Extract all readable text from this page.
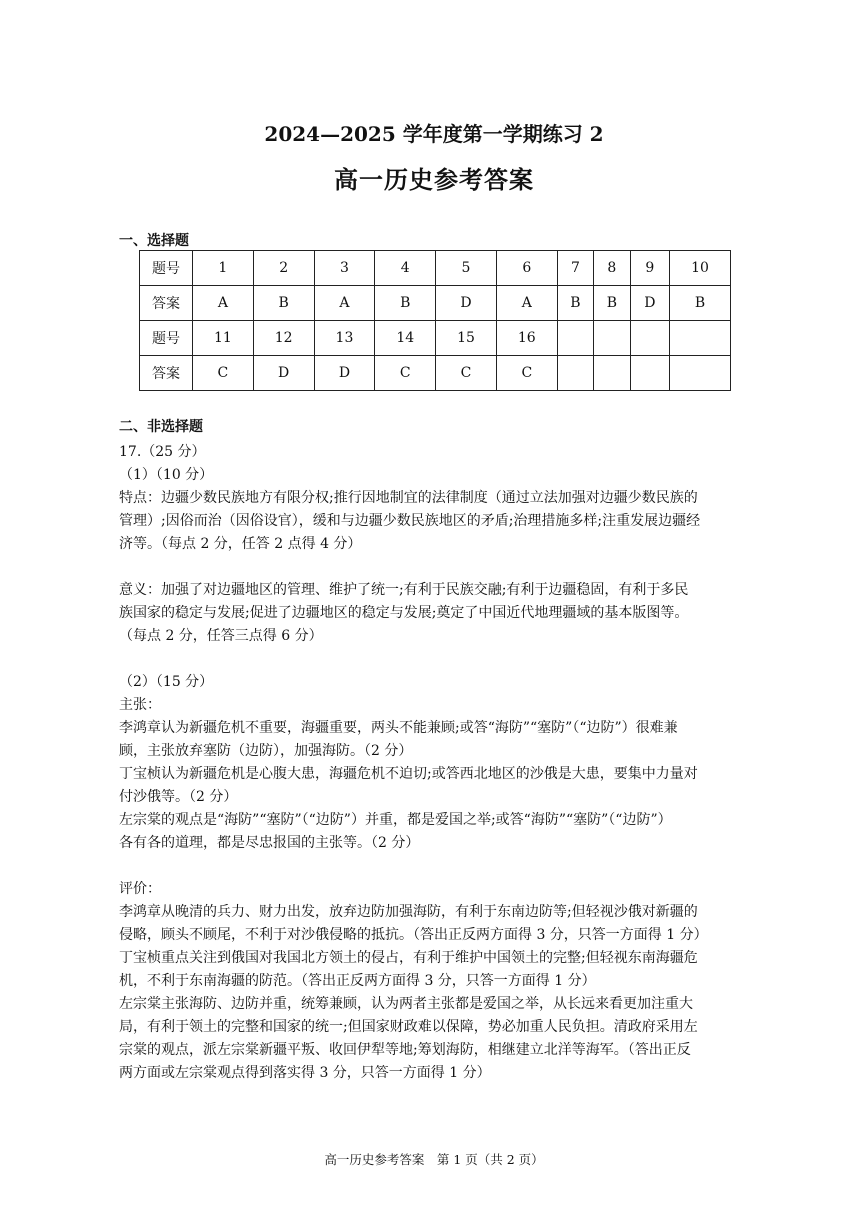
2024—2025 学年度第一学期练习 2
高一历史参考答案
一、选择题
题号	1	2	3	4	5	6	7	8	9	10
答案	A	B	A	B	D	A	B	B	D	B
题号	11	12	13	14	15	16				
答案	C	D	D	C	C	C				
二、非选择题

17.（25 分）

（1）（10 分）

特点：边疆少数民族地方有限分权;推行因地制宜的法律制度（通过立法加强对边疆少数民族的

管理）;因俗而治（因俗设官），缓和与边疆少数民族地区的矛盾;治理措施多样;注重发展边疆经

济等。（每点 2 分，任答 2 点得 4 分）

意义：加强了对边疆地区的管理、维护了统一;有利于民族交融;有利于边疆稳固，有利于多民

族国家的稳定与发展;促进了边疆地区的稳定与发展;奠定了中国近代地理疆域的基本版图等。

（每点 2 分，任答三点得 6 分）

（2）（15 分）

主张：

李鸿章认为新疆危机不重要，海疆重要，两头不能兼顾;或答“海防”“塞防”（“边防”）很难兼

顾，主张放弃塞防（边防），加强海防。（2 分）

丁宝桢认为新疆危机是心腹大患，海疆危机不迫切;或答西北地区的沙俄是大患，要集中力量对

付沙俄等。（2 分）

左宗棠的观点是“海防”“塞防”（“边防”）并重，都是爱国之举;或答“海防”“塞防”（“边防”）

各有各的道理，都是尽忠报国的主张等。（2 分）

评价：

李鸿章从晚清的兵力、财力出发，放弃边防加强海防，有利于东南边防等;但轻视沙俄对新疆的

侵略，顾头不顾尾，不利于对沙俄侵略的抵抗。（答出正反两方面得 3 分，只答一方面得 1 分）

丁宝桢重点关注到俄国对我国北方领土的侵占，有利于维护中国领土的完整;但轻视东南海疆危

机，不利于东南海疆的防范。（答出正反两方面得 3 分，只答一方面得 1 分）

左宗棠主张海防、边防并重，统筹兼顾，认为两者主张都是爱国之举，从长远来看更加注重大

局，有利于领土的完整和国家的统一;但国家财政难以保障，势必加重人民负担。清政府采用左

宗棠的观点，派左宗棠新疆平叛、收回伊犁等地;筹划海防，相继建立北洋等海军。（答出正反

两方面或左宗棠观点得到落实得 3 分，只答一方面得 1 分）

高一历史参考答案　第 1 页（共 2 页）
